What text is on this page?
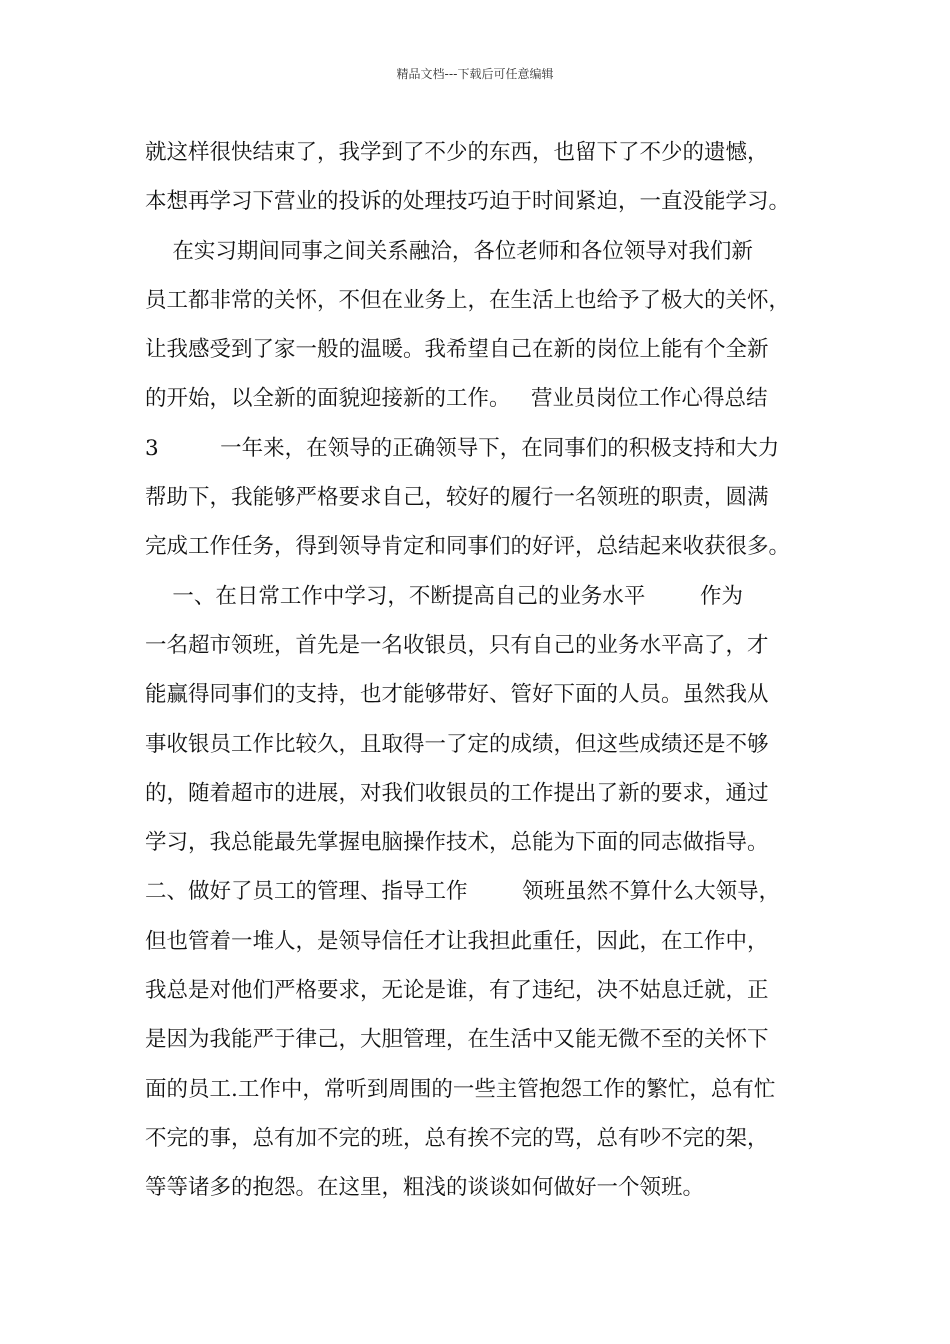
精品文档---下载后可任意编辑
就这样很快结束了，我学到了不少的东西，也留下了不少的遗憾，
本想再学习下营业的投诉的处理技巧迫于时间紧迫，一直没能学习。
在实习期间同事之间关系融洽，各位老师和各位领导对我们新
员工都非常的关怀，不但在业务上，在生活上也给予了极大的关怀，
让我感受到了家一般的温暖。我希望自己在新的岗位上能有个全新
的开始，以全新的面貌迎接新的工作。   营业员岗位工作心得总结
3         一年来，在领导的正确领导下，在同事们的积极支持和大力
帮助下，我能够严格要求自己，较好的履行一名领班的职责，圆满
完成工作任务，得到领导肯定和同事们的好评，总结起来收获很多。
一、在日常工作中学习，不断提高自己的业务水平        作为
一名超市领班，首先是一名收银员，只有自己的业务水平高了，才
能赢得同事们的支持，也才能够带好、管好下面的人员。虽然我从
事收银员工作比较久，且取得一了定的成绩，但这些成绩还是不够
的，随着超市的进展，对我们收银员的工作提出了新的要求，通过
学习，我总能最先掌握电脑操作技术，总能为下面的同志做指导。
二、做好了员工的管理、指导工作        领班虽然不算什么大领导，
但也管着一堆人，是领导信任才让我担此重任，因此，在工作中，
我总是对他们严格要求，无论是谁，有了违纪，决不姑息迁就，正
是因为我能严于律己，大胆管理，在生活中又能无微不至的关怀下
面的员工.工作中，常听到周围的一些主管抱怨工作的繁忙，总有忙
不完的事，总有加不完的班，总有挨不完的骂，总有吵不完的架，
等等诸多的抱怨。在这里，粗浅的谈谈如何做好一个领班。
